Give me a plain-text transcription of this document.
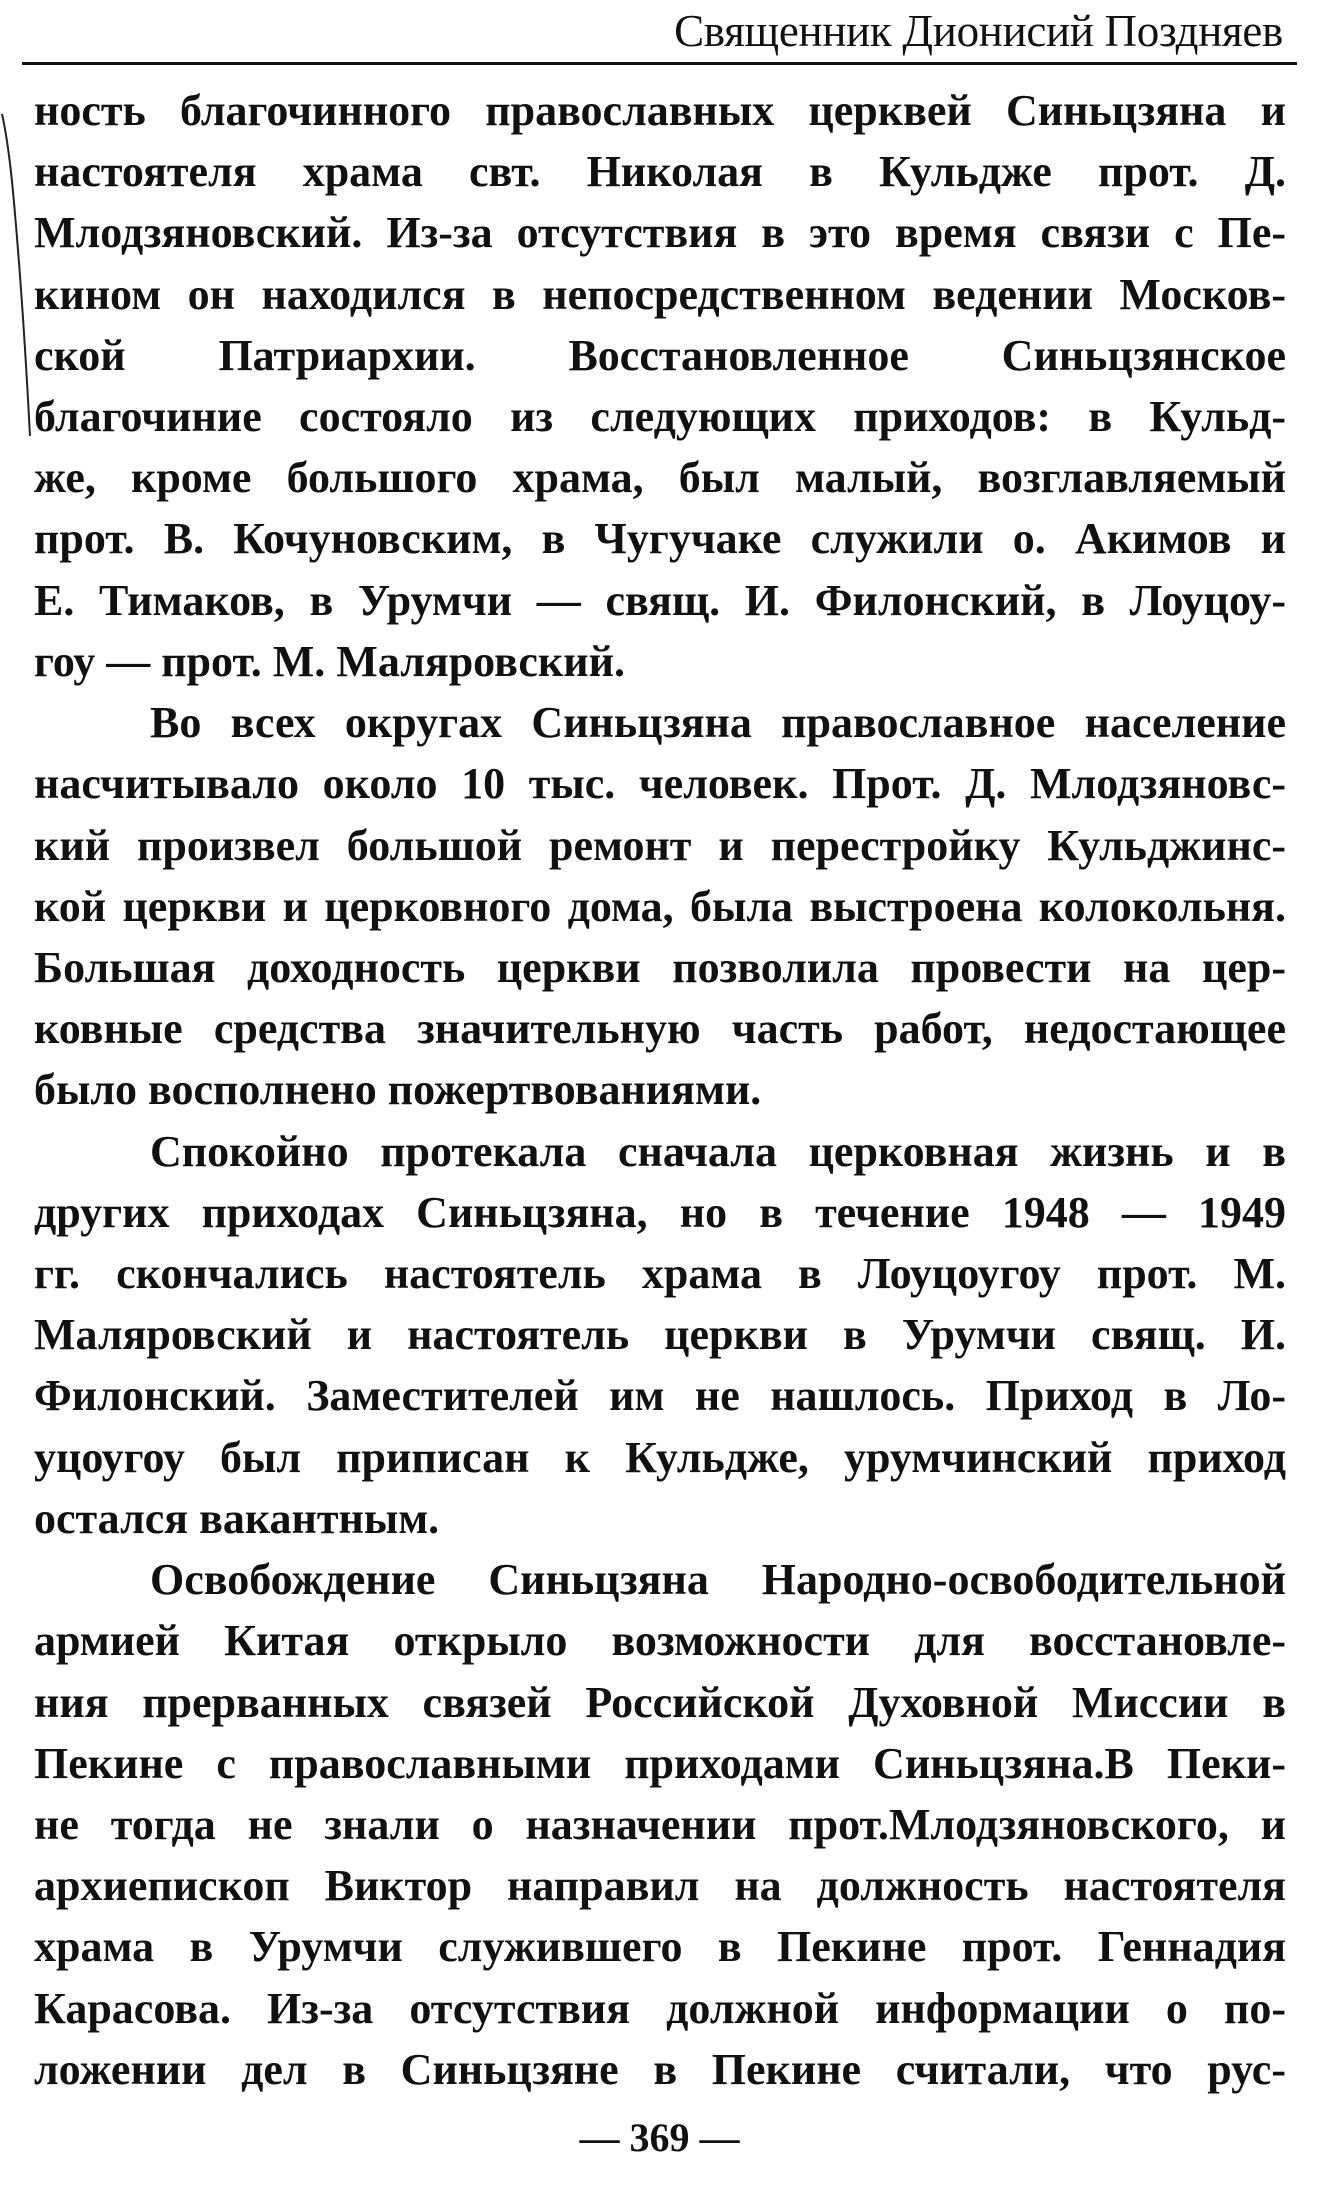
Священник Дионисий Поздняев
ность благочинного православных церквей Синьцзяна и
настоятеля храма свт. Николая в Кульдже прот. Д.
Млодзяновский. Из-за отсутствия в это время связи с Пе-
кином он находился в непосредственном ведении Москов-
ской Патриархии. Восстановленное Синьцзянское
благочиние состояло из следующих приходов: в Кульд-
же, кроме большого храма, был малый, возглавляемый
прот. В. Кочуновским, в Чугучаке служили о. Акимов и
Е. Тимаков, в Урумчи — свящ. И. Филонский, в Лоуцоу-
гоу — прот. М. Маляровский.
Во всех округах Синьцзяна православное население
насчитывало около 10 тыс. человек. Прот. Д. Млодзяновс-
кий произвел большой ремонт и перестройку Кульджинс-
кой церкви и церковного дома, была выстроена колокольня.
Большая доходность церкви позволила провести на цер-
ковные средства значительную часть работ, недостающее
было восполнено пожертвованиями.
Спокойно протекала сначала церковная жизнь и в
других приходах Синьцзяна, но в течение 1948 — 1949
гг. скончались настоятель храма в Лоуцоугоу прот. М.
Маляровский и настоятель церкви в Урумчи свящ. И.
Филонский. Заместителей им не нашлось. Приход в Ло-
уцоугоу был приписан к Кульдже, урумчинский приход
остался вакантным.
Освобождение Синьцзяна Народно-освободительной
армией Китая открыло возможности для восстановле-
ния прерванных связей Российской Духовной Миссии в
Пекине с православными приходами Синьцзяна.В Пеки-
не тогда не знали о назначении прот.Млодзяновского, и
архиепископ Виктор направил на должность настоятеля
храма в Урумчи служившего в Пекине прот. Геннадия
Карасова. Из-за отсутствия должной информации о по-
— 369 —
ложении дел в Синьцзяне в Пекине считали, что рус-
